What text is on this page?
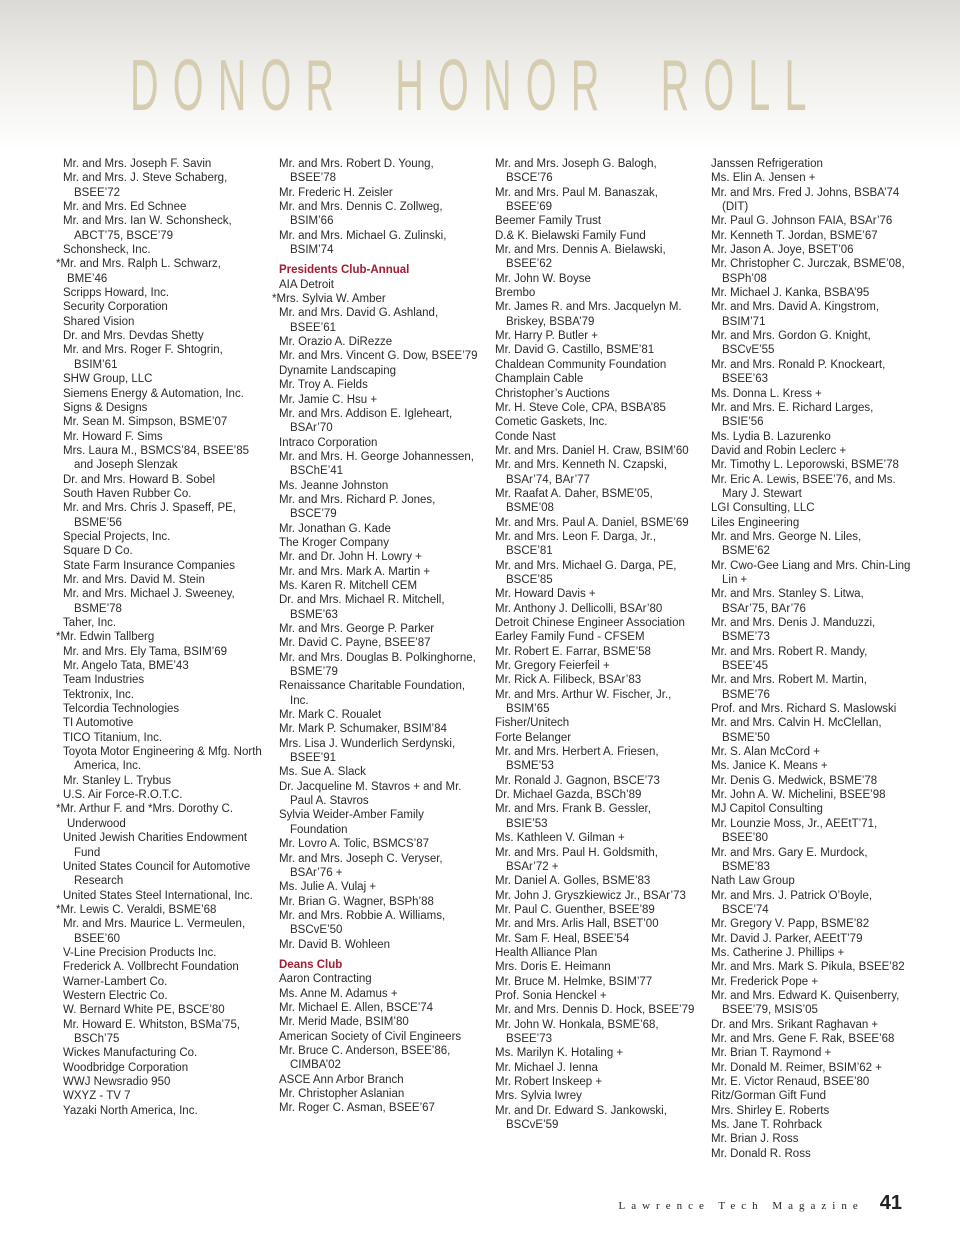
D O N O R H O N O R R O L L
Mr. and Mrs. Joseph F. Savin
Mr. and Mrs. J. Steve Schaberg, BSEE’72
Mr. and Mrs. Ed Schnee
Mr. and Mrs. Ian W. Schonsheck, ABCT’75, BSCE’79
Schonsheck, Inc.
*Mr. and Mrs. Ralph L. Schwarz, BME’46
Scripps Howard, Inc.
Security Corporation
Shared Vision
Dr. and Mrs. Devdas Shetty
Mr. and Mrs. Roger F. Shtogrin, BSIM’61
SHW Group, LLC
Siemens Energy & Automation, Inc.
Signs & Designs
Mr. Sean M. Simpson, BSME’07
Mr. Howard F. Sims
Mrs. Laura M., BSMCS’84, BSEE’85 and Joseph Slenzak
Dr. and Mrs. Howard B. Sobel
South Haven Rubber Co.
Mr. and Mrs. Chris J. Spaseff, PE, BSME’56
Special Projects, Inc.
Square D Co.
State Farm Insurance Companies
Mr. and Mrs. David M. Stein
Mr. and Mrs. Michael J. Sweeney, BSME’78
Taher, Inc.
*Mr. Edwin Tallberg
Mr. and Mrs. Ely Tama, BSIM’69
Mr. Angelo Tata, BME’43
Team Industries
Tektronix, Inc.
Telcordia Technologies
TI Automotive
TICO Titanium, Inc.
Toyota Motor Engineering & Mfg. North America, Inc.
Mr. Stanley L. Trybus
U.S. Air Force-R.O.T.C.
*Mr. Arthur F. and *Mrs. Dorothy C. Underwood
United Jewish Charities Endowment Fund
United States Council for Automotive Research
United States Steel International, Inc.
*Mr. Lewis C. Veraldi, BSME’68
Mr. and Mrs. Maurice L. Vermeulen, BSEE’60
V-Line Precision Products Inc.
Frederick A. Vollbrecht Foundation
Warner-Lambert Co.
Western Electric Co.
W. Bernard White PE, BSCE’80
Mr. Howard E. Whitston, BSMa’75, BSCh’75
Wickes Manufacturing Co.
Woodbridge Corporation
WWJ Newsradio 950
WXYZ - TV 7
Yazaki North America, Inc.
Mr. and Mrs. Robert D. Young, BSEE’78
Mr. Frederic H. Zeisler
Mr. and Mrs. Dennis C. Zollweg, BSIM’66
Mr. and Mrs. Michael G. Zulinski, BSIM’74
Presidents Club-Annual
AIA Detroit
*Mrs. Sylvia W. Amber
Mr. and Mrs. David G. Ashland, BSEE’61
Mr. Orazio A. DiRezze
Mr. and Mrs. Vincent G. Dow, BSEE’79
Dynamite Landscaping
Mr. Troy A. Fields
Mr. Jamie C. Hsu +
Mr. and Mrs. Addison E. Igleheart, BSAr’70
Intraco Corporation
Mr. and Mrs. H. George Johannessen, BSChE’41
Ms. Jeanne Johnston
Mr. and Mrs. Richard P. Jones, BSCE’79
Mr. Jonathan G. Kade
The Kroger Company
Mr. and Dr. John H. Lowry +
Mr. and Mrs. Mark A. Martin +
Ms. Karen R. Mitchell CEM
Dr. and Mrs. Michael R. Mitchell, BSME’63
Mr. and Mrs. George P. Parker
Mr. David C. Payne, BSEE’87
Mr. and Mrs. Douglas B. Polkinghorne, BSME’79
Renaissance Charitable Foundation, Inc.
Mr. Mark C. Roualet
Mr. Mark P. Schumaker, BSIM’84
Mrs. Lisa J. Wunderlich Serdynski, BSEE’91
Ms. Sue A. Slack
Dr. Jacqueline M. Stavros + and Mr. Paul A. Stavros
Sylvia Weider-Amber Family Foundation
Mr. Lovro A. Tolic, BSMCS’87
Mr. and Mrs. Joseph C. Veryser, BSAr’76 +
Ms. Julie A. Vulaj +
Mr. Brian G. Wagner, BSPh’88
Mr. and Mrs. Robbie A. Williams, BSCvE’50
Mr. David B. Wohleen
Deans Club
Aaron Contracting
Ms. Anne M. Adamus +
Mr. Michael E. Allen, BSCE’74
Mr. Merid Made, BSIM’80
American Society of Civil Engineers
Mr. Bruce C. Anderson, BSEE’86, CIMBA’02
ASCE Ann Arbor Branch
Mr. Christopher Aslanian
Mr. Roger C. Asman, BSEE’67
Mr. and Mrs. Joseph G. Balogh, BSCE’76
Mr. and Mrs. Paul M. Banaszak, BSEE’69
Beemer Family Trust
D.& K. Bielawski Family Fund
Mr. and Mrs. Dennis A. Bielawski, BSEE’62
Mr. John W. Boyse
Brembo
Mr. James R. and Mrs. Jacquelyn M. Briskey, BSBA’79
Mr. Harry P. Butler +
Mr. David G. Castillo, BSME’81
Chaldean Community Foundation
Champlain Cable
Christopher’s Auctions
Mr. H. Steve Cole, CPA, BSBA’85
Cometic Gaskets, Inc.
Conde Nast
Mr. and Mrs. Daniel H. Craw, BSIM’60
Mr. and Mrs. Kenneth N. Czapski, BSAr’74, BAr’77
Mr. Raafat A. Daher, BSME’05, BSME’08
Mr. and Mrs. Paul A. Daniel, BSME’69
Mr. and Mrs. Leon F. Darga, Jr., BSCE’81
Mr. and Mrs. Michael G. Darga, PE, BSCE’85
Mr. Howard Davis +
Mr. Anthony J. Dellicolli, BSAr’80
Detroit Chinese Engineer Association
Earley Family Fund - CFSEM
Mr. Robert E. Farrar, BSME’58
Mr. Gregory Feierfeil +
Mr. Rick A. Filibeck, BSAr’83
Mr. and Mrs. Arthur W. Fischer, Jr., BSIM’65
Fisher/Unitech
Forte Belanger
Mr. and Mrs. Herbert A. Friesen, BSME’53
Mr. Ronald J. Gagnon, BSCE’73
Dr. Michael Gazda, BSCh’89
Mr. and Mrs. Frank B. Gessler, BSIE’53
Ms. Kathleen V. Gilman +
Mr. and Mrs. Paul H. Goldsmith, BSAr’72 +
Mr. Daniel A. Golles, BSME’83
Mr. John J. Gryszkiewicz Jr., BSAr’73
Mr. Paul C. Guenther, BSEE’89
Mr. and Mrs. Arlis Hall, BSET’00
Mr. Sam F. Heal, BSEE’54
Health Alliance Plan
Mrs. Doris E. Heimann
Mr. Bruce M. Helmke, BSIM’77
Prof. Sonia Henckel +
Mr. and Mrs. Dennis D. Hock, BSEE’79
Mr. John W. Honkala, BSME’68, BSEE’73
Ms. Marilyn K. Hotaling +
Mr. Michael J. Ienna
Mr. Robert Inskeep +
Mrs. Sylvia Iwrey
Mr. and Dr. Edward S. Jankowski, BSCvE’59
Janssen Refrigeration
Ms. Elin A. Jensen +
Mr. and Mrs. Fred J. Johns, BSBA’74 (DIT)
Mr. Paul G. Johnson FAIA, BSAr’76
Mr. Kenneth T. Jordan, BSME’67
Mr. Jason A. Joye, BSET’06
Mr. Christopher C. Jurczak, BSME’08, BSPh’08
Mr. Michael J. Kanka, BSBA’95
Mr. and Mrs. David A. Kingstrom, BSIM’71
Mr. and Mrs. Gordon G. Knight, BSCvE’55
Mr. and Mrs. Ronald P. Knockeart, BSEE’63
Ms. Donna L. Kress +
Mr. and Mrs. E. Richard Larges, BSIE’56
Ms. Lydia B. Lazurenko
David and Robin Leclerc +
Mr. Timothy L. Leporowski, BSME’78
Mr. Eric A. Lewis, BSEE’76, and Ms. Mary J. Stewart
LGI Consulting, LLC
Liles Engineering
Mr. and Mrs. George N. Liles, BSME’62
Mr. Cwo-Gee Liang and Mrs. Chin-Ling Lin +
Mr. and Mrs. Stanley S. Litwa, BSAr’75, BAr’76
Mr. and Mrs. Denis J. Manduzzi, BSME’73
Mr. and Mrs. Robert R. Mandy, BSEE’45
Mr. and Mrs. Robert M. Martin, BSME’76
Prof. and Mrs. Richard S. Maslowski
Mr. and Mrs. Calvin H. McClellan, BSME’50
Mr. S. Alan McCord +
Ms. Janice K. Means +
Mr. Denis G. Medwick, BSME’78
Mr. John A. W. Michelini, BSEE’98
MJ Capitol Consulting
Mr. Lounzie Moss, Jr., AEEtT’71, BSEE’80
Mr. and Mrs. Gary E. Murdock, BSME’83
Nath Law Group
Mr. and Mrs. J. Patrick O’Boyle, BSCE’74
Mr. Gregory V. Papp, BSME’82
Mr. David J. Parker, AEEtT’79
Ms. Catherine J. Phillips +
Mr. and Mrs. Mark S. Pikula, BSEE’82
Mr. Frederick Pope +
Mr. and Mrs. Edward K. Quisenberry, BSEE’79, MSIS’05
Dr. and Mrs. Srikant Raghavan +
Mr. and Mrs. Gene F. Rak, BSEE’68
Mr. Brian T. Raymond +
Mr. Donald M. Reimer, BSIM’62 +
Mr. E. Victor Renaud, BSEE’80
Ritz/Gorman Gift Fund
Mrs. Shirley E. Roberts
Ms. Jane T. Rohrback
Mr. Brian J. Ross
Mr. Donald R. Ross
Lawrence Tech Magazine 41
